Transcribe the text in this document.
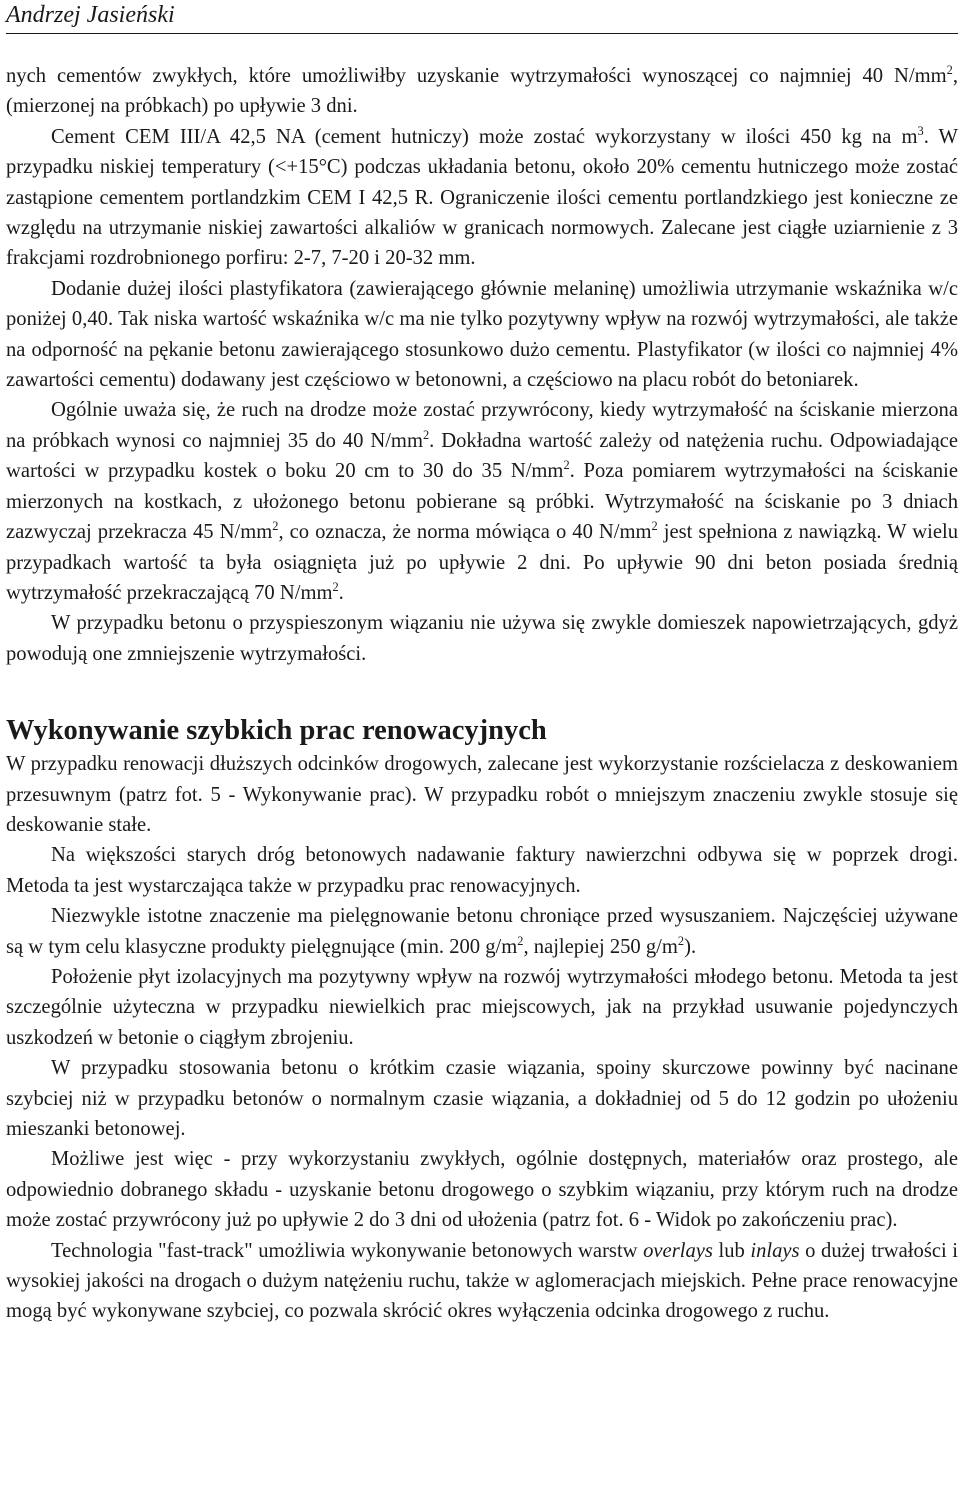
Andrzej Jasieński

nych cementów zwykłych, które umożliwiłby uzyskanie wytrzymałości wynoszącej co najmniej 40 $N/mm^2$, (mierzonej na próbkach) po upływie 3 dni.

Cement CEM III/A 42,5 NA (cement hutniczy) może zostać wykorzystany w ilości 450 kg na $m^3$. W przypadku niskiej temperatury (<+15°C) podczas układania betonu, około 20% cementu hutniczego może zostać zastąpione cementem portlandzkim CEM I 42,5 R. Ograniczenie ilości cementu portlandzkiego jest konieczne ze względu na utrzymanie niskiej zawartości alkaliów w granicach normowych. Zalecane jest ciągłe uziarnienie z 3 frakcjami rozdrobnionego porfiru: 2-7, 7-20 i 20-32 mm.

Dodanie dużej ilości plastyfikatora (zawierającego głównie melaninę) umożliwia utrzymanie wskaźnika w/c poniżej 0,40. Tak niska wartość wskaźnika w/c ma nie tylko pozytywny wpływ na rozwój wytrzymałości, ale także na odporność na pękanie betonu zawierającego stosunkowo dużo cementu. Plastyfikator (w ilości co najmniej 4% zawartości cementu) dodawany jest częściowo w betonowni, a częściowo na placu robót do betoniarek.

Ogólnie uważa się, że ruch na drodze może zostać przywrócony, kiedy wytrzymałość na ściskanie mierzona na próbkach wynosi co najmniej 35 do 40 $N/mm^2$. Dokładna wartość zależy od natężenia ruchu. Odpowiadające wartości w przypadku kostek o boku 20 cm to 30 do 35 $N/mm^2$. Poza pomiarem wytrzymałości na ściskanie mierzonych na kostkach, z ułożonego betonu pobierane są próbki. Wytrzymałość na ściskanie po 3 dniach zazwyczaj przekracza 45 $N/mm^2$, co oznacza, że norma mówiąca o 40 $N/mm^2$ jest spełniona z nawiązką. W wielu przypadkach wartość ta była osiągnięta już po upływie 2 dni. Po upływie 90 dni beton posiada średnią wytrzymałość przekraczającą 70 $N/mm^2$.

W przypadku betonu o przyspieszonym wiązaniu nie używa się zwykle domieszek napowietrzających, gdyż powodują one zmniejszenie wytrzymałości.

Wykonywanie szybkich prac renowacyjnych

W przypadku renowacji dłuższych odcinków drogowych, zalecane jest wykorzystanie rozścielacza z deskowaniem przesuwnym (patrz fot. 5 - Wykonywanie prac). W przypadku robót o mniejszym znaczeniu zwykle stosuje się deskowanie stałe.

Na większości starych dróg betonowych nadawanie faktury nawierzchni odbywa się w poprzek drogi. Metoda ta jest wystarczająca także w przypadku prac renowacyjnych.

Niezwykle istotne znaczenie ma pielęgnowanie betonu chroniące przed wysuszaniem. Najczęściej używane są w tym celu klasyczne produkty pielęgnujące (min. 200 $g/m^2$, najlepiej 250 $g/m^2$).

Położenie płyt izolacyjnych ma pozytywny wpływ na rozwój wytrzymałości młodego betonu. Metoda ta jest szczególnie użyteczna w przypadku niewielkich prac miejscowych, jak na przykład usuwanie pojedynczych uszkodzeń w betonie o ciągłym zbrojeniu.

W przypadku stosowania betonu o krótkim czasie wiązania, spoiny skurczowe powinny być nacinane szybciej niż w przypadku betonów o normalnym czasie wiązania, a dokładniej od 5 do 12 godzin po ułożeniu mieszanki betonowej.

Możliwe jest więc - przy wykorzystaniu zwykłych, ogólnie dostępnych, materiałów oraz prostego, ale odpowiednio dobranego składu - uzyskanie betonu drogowego o szybkim wiązaniu, przy którym ruch na drodze może zostać przywrócony już po upływie 2 do 3 dni od ułożenia (patrz fot. 6 - Widok po zakończeniu prac).

Technologia "fast-track" umożliwia wykonywanie betonowych warstw overlays lub inlays o dużej trwałości i wysokiej jakości na drogach o dużym natężeniu ruchu, także w aglomeracjach miejskich. Pełne prace renowacyjne mogą być wykonywane szybciej, co pozwala skrócić okres wyłączenia odcinka drogowego z ruchu.
